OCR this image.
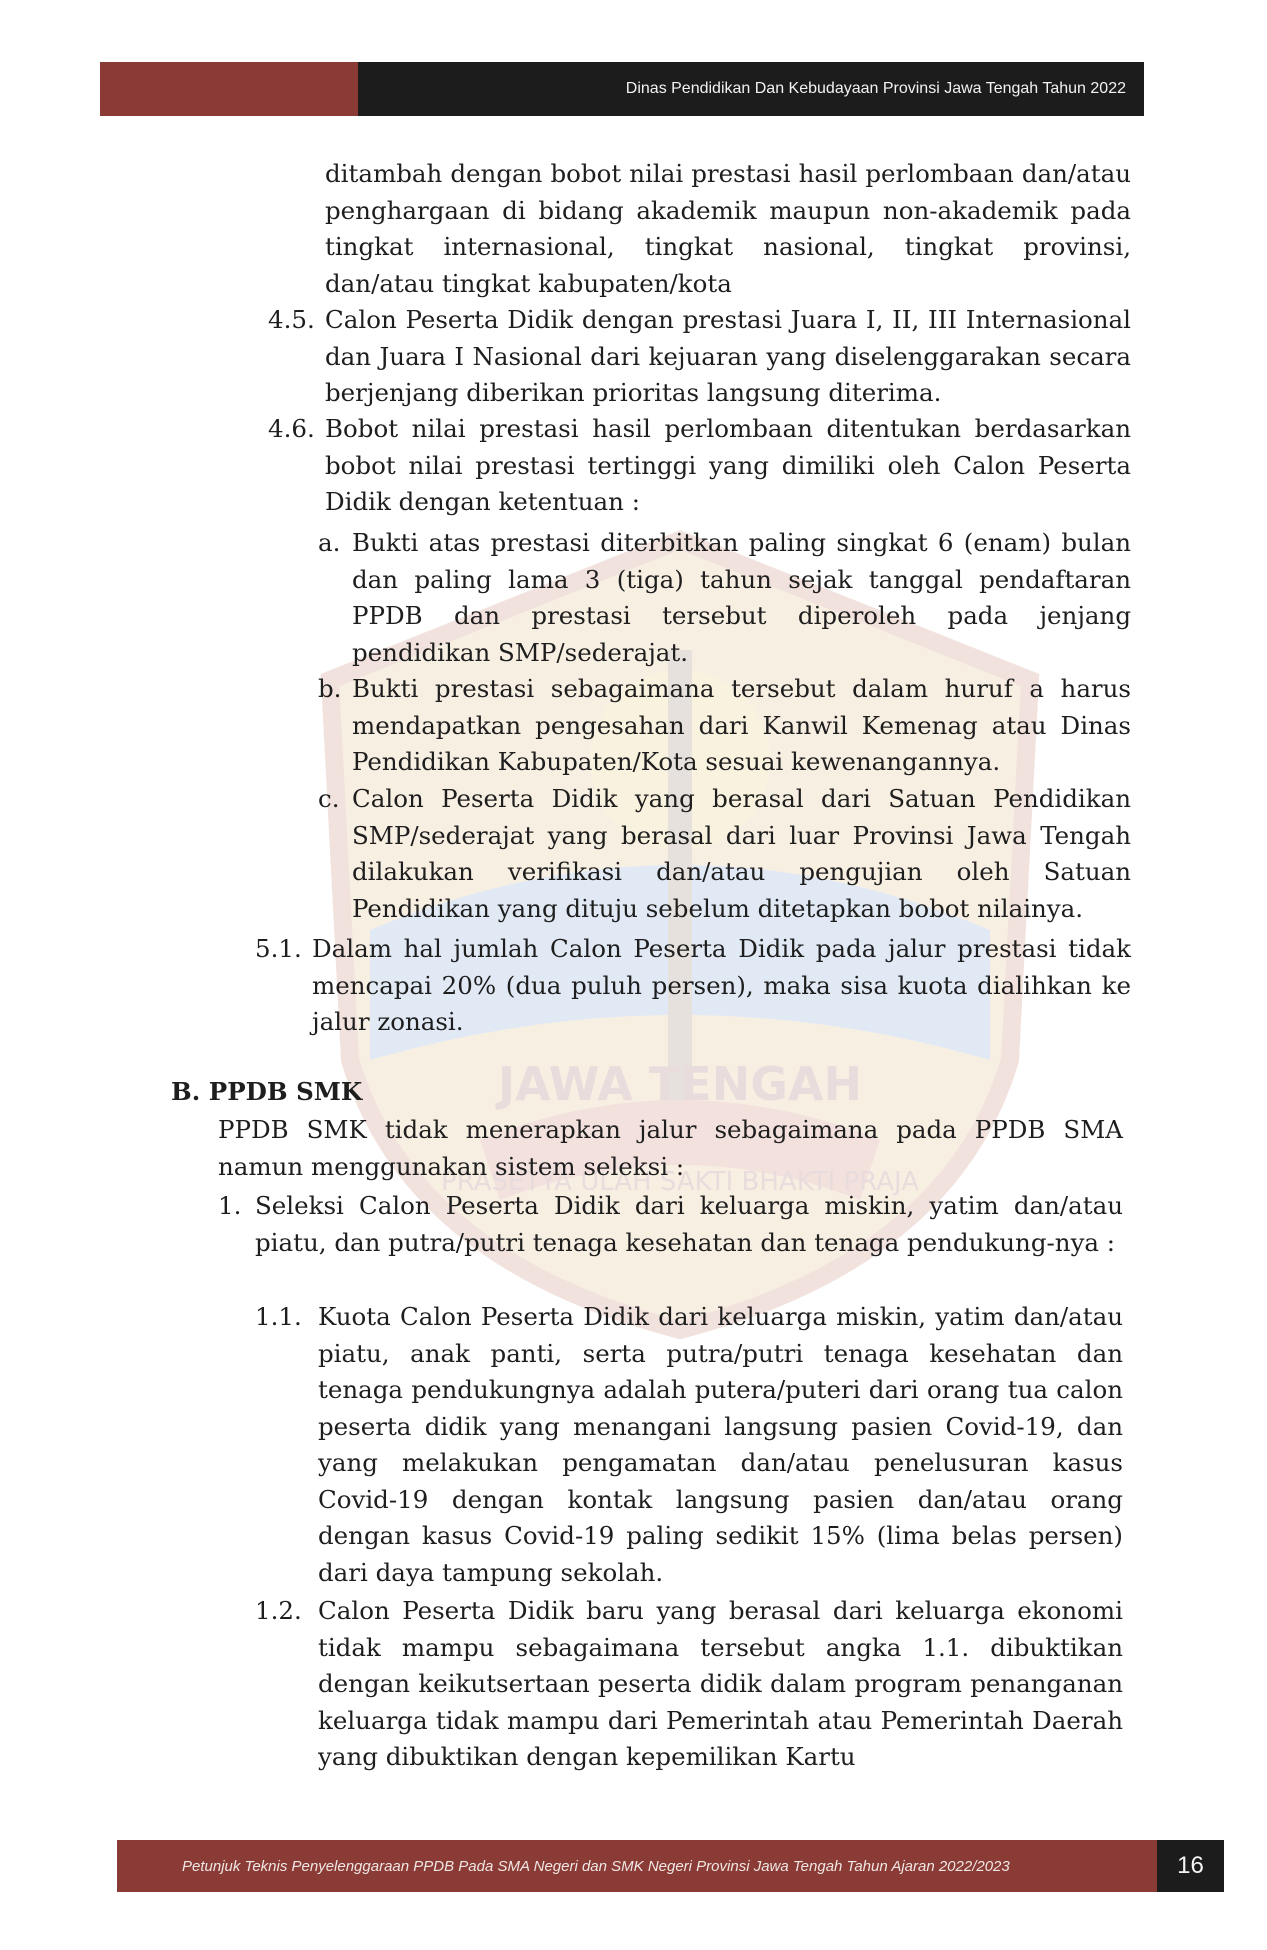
Dinas Pendidikan Dan Kebudayaan Provinsi Jawa Tengah Tahun 2022
JAWA TENGAH
PRASETYA ULAH SAKTI BHAKTI PRAJA

ditambah dengan bobot nilai prestasi hasil perlombaan dan/atau penghargaan di bidang akademik maupun non-akademik pada tingkat internasional, tingkat nasional, tingkat provinsi, dan/atau tingkat kabupaten/kota

4.5. Calon Peserta Didik dengan prestasi Juara I, II, III Internasional dan Juara I Nasional dari kejuaran yang diselenggarakan secara berjenjang diberikan prioritas langsung diterima.

4.6. Bobot nilai prestasi hasil perlombaan ditentukan berdasarkan bobot nilai prestasi tertinggi yang dimiliki oleh Calon Peserta Didik dengan ketentuan :

a. Bukti atas prestasi diterbitkan paling singkat 6 (enam) bulan dan paling lama 3 (tiga) tahun sejak tanggal pendaftaran PPDB dan prestasi tersebut diperoleh pada jenjang pendidikan SMP/sederajat.

b. Bukti prestasi sebagaimana tersebut dalam huruf a harus mendapatkan pengesahan dari Kanwil Kemenag atau Dinas Pendidikan Kabupaten/Kota sesuai kewenangannya.

c. Calon Peserta Didik yang berasal dari Satuan Pendidikan SMP/sederajat yang berasal dari luar Provinsi Jawa Tengah dilakukan verifikasi dan/atau pengujian oleh Satuan Pendidikan yang dituju sebelum ditetapkan bobot nilainya.

5.1. Dalam hal jumlah Calon Peserta Didik pada jalur prestasi tidak mencapai 20% (dua puluh persen), maka sisa kuota dialihkan ke jalur zonasi.

B. PPDB SMK

PPDB SMK tidak menerapkan jalur sebagaimana pada PPDB SMA namun menggunakan sistem seleksi :

1. Seleksi Calon Peserta Didik dari keluarga miskin, yatim dan/atau piatu, dan putra/putri tenaga kesehatan dan tenaga pendukung-nya :

1.1. Kuota Calon Peserta Didik dari keluarga miskin, yatim dan/atau piatu, anak panti, serta putra/putri tenaga kesehatan dan tenaga pendukungnya adalah putera/puteri dari orang tua calon peserta didik yang menangani langsung pasien Covid-19, dan yang melakukan pengamatan dan/atau penelusuran kasus Covid-19 dengan kontak langsung pasien dan/atau orang dengan kasus Covid-19 paling sedikit 15% (lima belas persen) dari daya tampung sekolah.

1.2. Calon Peserta Didik baru yang berasal dari keluarga ekonomi tidak mampu sebagaimana tersebut angka 1.1. dibuktikan dengan keikutsertaan peserta didik dalam program penanganan keluarga tidak mampu dari Pemerintah atau Pemerintah Daerah yang dibuktikan dengan kepemilikan Kartu

Petunjuk Teknis Penyelenggaraan PPDB Pada SMA Negeri dan SMK Negeri Provinsi Jawa Tengah Tahun Ajaran 2022/2023	16
